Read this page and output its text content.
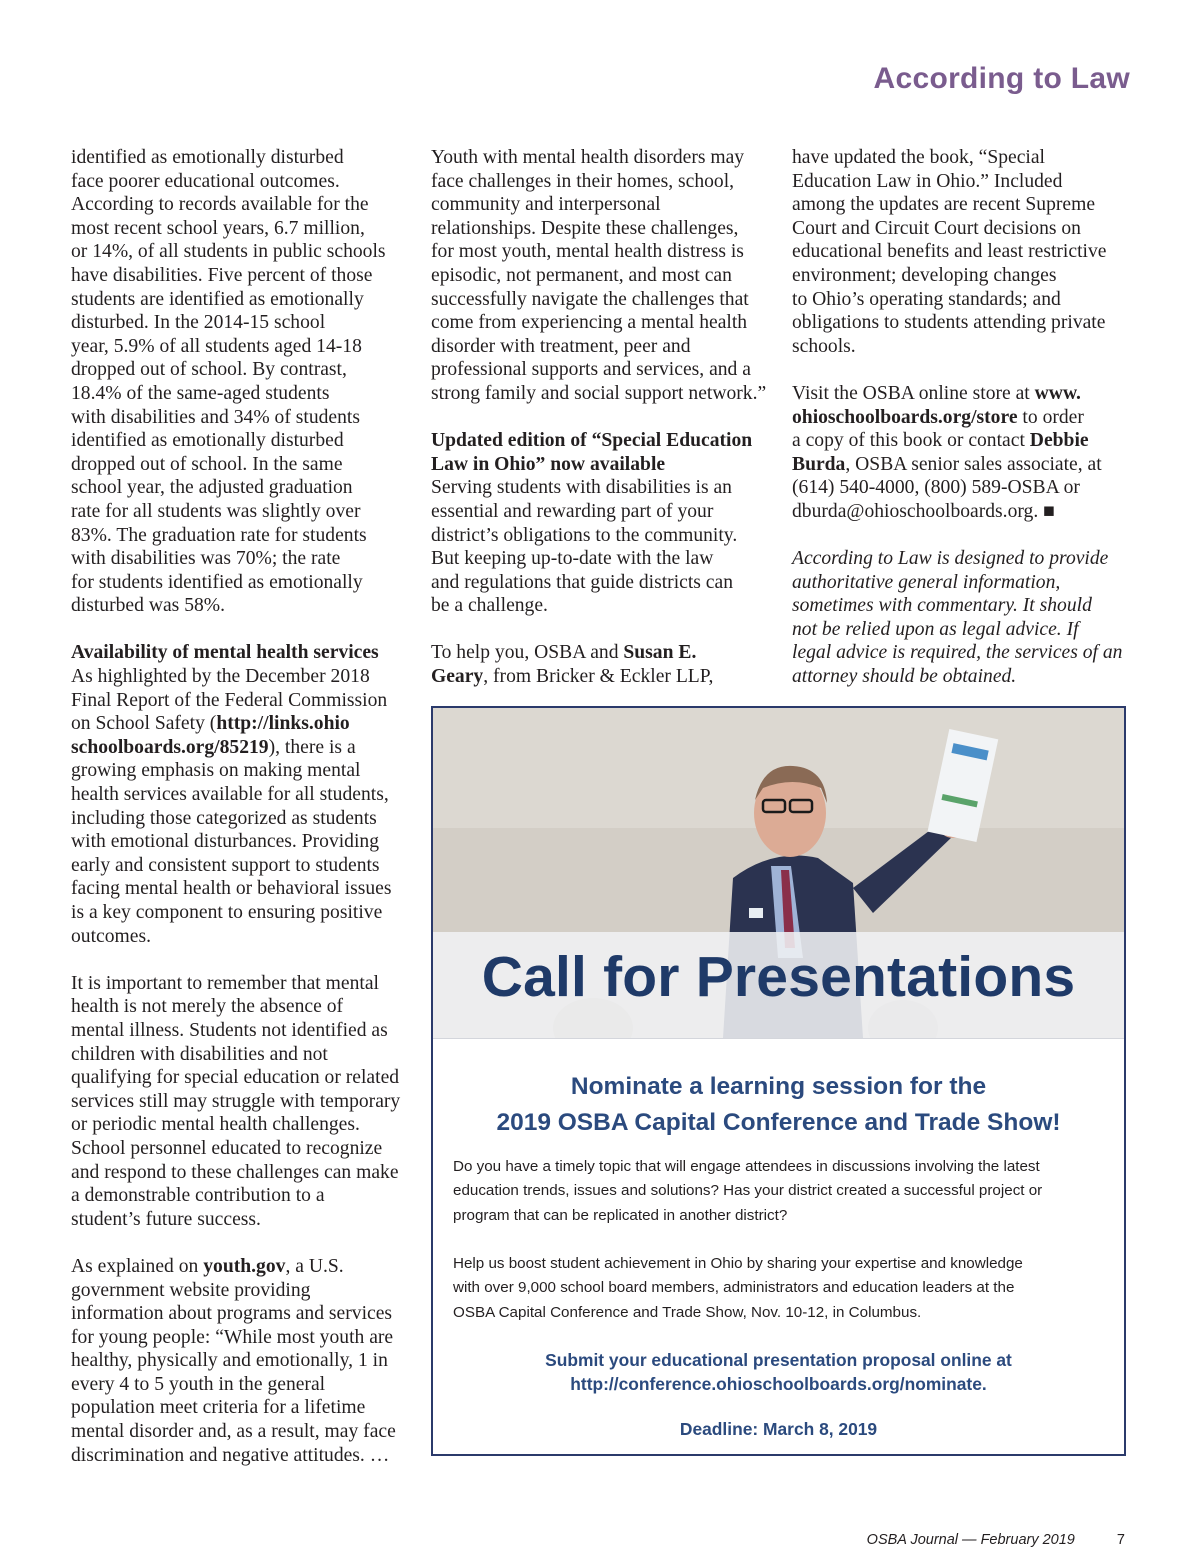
According to Law

identified as emotionally disturbed
face poorer educational outcomes.
According to records available for the
most recent school years, 6.7 million,
or 14%, of all students in public schools
have disabilities. Five percent of those
students are identified as emotionally
disturbed. In the 2014-15 school
year, 5.9% of all students aged 14-18
dropped out of school. By contrast,
18.4% of the same-aged students
with disabilities and 34% of students
identified as emotionally disturbed
dropped out of school. In the same
school year, the adjusted graduation
rate for all students was slightly over
83%. The graduation rate for students
with disabilities was 70%; the rate
for students identified as emotionally
disturbed was 58%.

Availability of mental health services
As highlighted by the December 2018
Final Report of the Federal Commission
on School Safety (http://links.ohio
schoolboards.org/85219), there is a
growing emphasis on making mental
health services available for all students,
including those categorized as students
with emotional disturbances. Providing
early and consistent support to students
facing mental health or behavioral issues
is a key component to ensuring positive
outcomes.

It is important to remember that mental
health is not merely the absence of
mental illness. Students not identified as
children with disabilities and not
qualifying for special education or related
services still may struggle with temporary
or periodic mental health challenges.
School personnel educated to recognize
and respond to these challenges can make
a demonstrable contribution to a
student’s future success.

As explained on youth.gov, a U.S.
government website providing
information about programs and services
for young people: “While most youth are
healthy, physically and emotionally, 1 in
every 4 to 5 youth in the general
population meet criteria for a lifetime
mental disorder and, as a result, may face
discrimination and negative attitudes. …

Youth with mental health disorders may
face challenges in their homes, school,
community and interpersonal
relationships. Despite these challenges,
for most youth, mental health distress is
episodic, not permanent, and most can
successfully navigate the challenges that
come from experiencing a mental health
disorder with treatment, peer and
professional supports and services, and a
strong family and social support network.”

Updated edition of “Special Education
Law in Ohio” now available
Serving students with disabilities is an
essential and rewarding part of your
district’s obligations to the community.
But keeping up-to-date with the law
and regulations that guide districts can
be a challenge.

To help you, OSBA and Susan E.
Geary, from Bricker & Eckler LLP,

have updated the book, “Special
Education Law in Ohio.” Included
among the updates are recent Supreme
Court and Circuit Court decisions on
educational benefits and least restrictive
environment; developing changes
to Ohio’s operating standards; and
obligations to students attending private
schools.

Visit the OSBA online store at www.
ohioschoolboards.org/store to order
a copy of this book or contact Debbie
Burda, OSBA senior sales associate, at
(614) 540-4000, (800) 589-OSBA or
dburda@ohioschoolboards.org. ■

According to Law is designed to provide
authoritative general information,
sometimes with commentary. It should
not be relied upon as legal advice. If
legal advice is required, the services of an
attorney should be obtained.

Call for Presentations
Nominate a learning session for the
2019 OSBA Capital Conference and Trade Show!

Do you have a timely topic that will engage attendees in discussions involving the latest
education trends, issues and solutions? Has your district created a successful project or
program that can be replicated in another district?

Help us boost student achievement in Ohio by sharing your expertise and knowledge
with over 9,000 school board members, administrators and education leaders at the
OSBA Capital Conference and Trade Show, Nov. 10-12, in Columbus.

Submit your educational presentation proposal online at
http://conference.ohioschoolboards.org/nominate.
Deadline: March 8, 2019
OSBA Journal — February 2019	7
